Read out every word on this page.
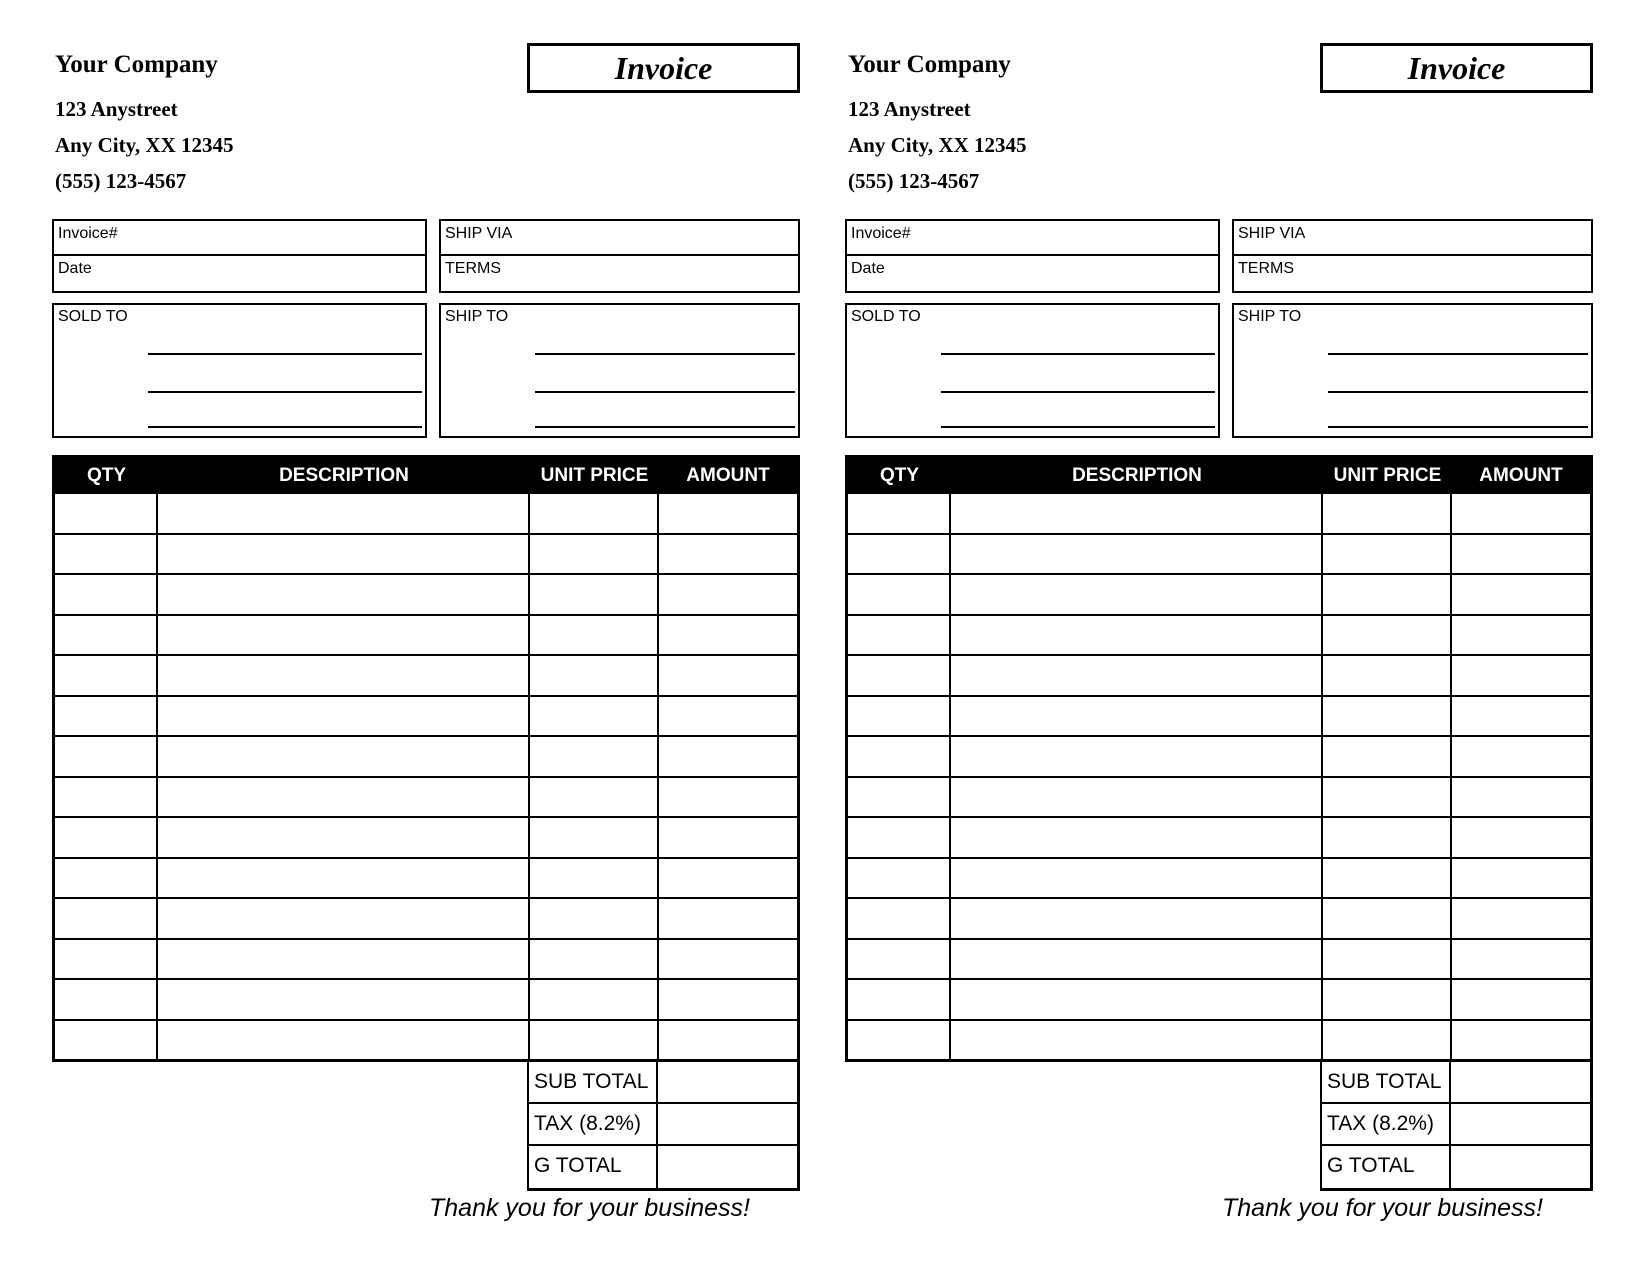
Your Company
123 Anystreet
Any City, XX 12345
(555) 123-4567
Invoice
Invoice#
Date
SHIP VIA
TERMS
SOLD TO	SHIP TO
QTY	DESCRIPTION	UNIT PRICE	AMOUNT
SUB TOTAL
TAX (8.2%)
G TOTAL
Thank you for your business!
Your Company
123 Anystreet
Any City, XX 12345
(555) 123-4567
Invoice
Invoice#
Date
SHIP VIA
TERMS
SOLD TO	SHIP TO
QTY	DESCRIPTION	UNIT PRICE	AMOUNT
SUB TOTAL
TAX (8.2%)
G TOTAL
Thank you for your business!
